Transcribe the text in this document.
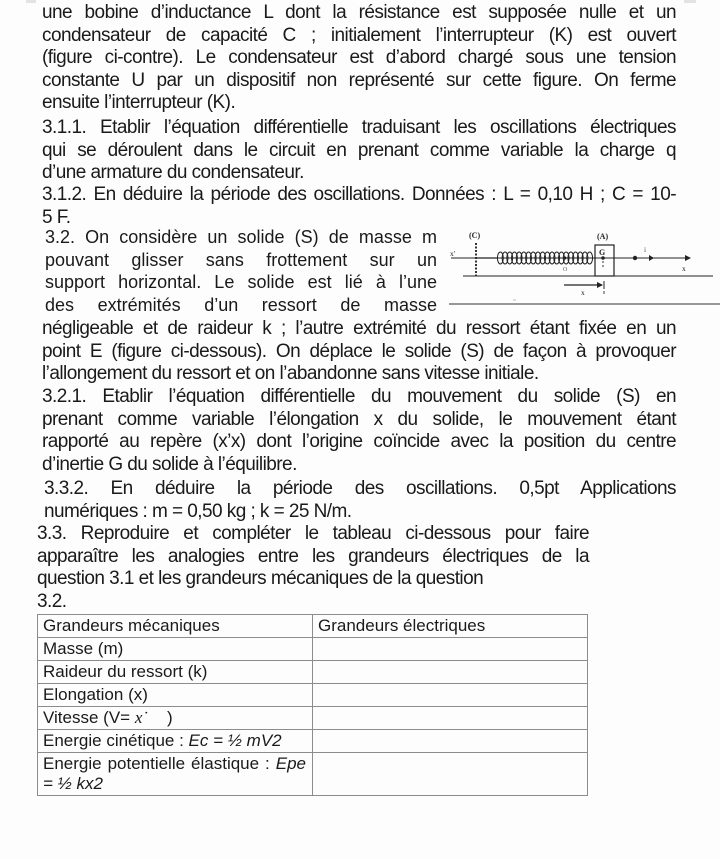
une bobine d’inductance L dont la résistance est supposée nulle et un
condensateur de capacité C ; initialement l’interrupteur (K) est ouvert
(figure ci-contre). Le condensateur est d’abord chargé sous une tension
constante U par un dispositif non représenté sur cette figure. On ferme
ensuite l’interrupteur (K).
3.1.1. Etablir l’équation différentielle traduisant les oscillations électriques
qui se déroulent dans le circuit en prenant comme variable la charge q
d’une armature du condensateur.
3.1.2. En déduire la période des oscillations. Données : L = 0,10 H ; C = 10-
5 F.
3.2. On considère un solide (S) de masse m
pouvant glisser sans frottement sur un
support horizontal. Le solide est lié à l’une
des extrémités d’un ressort de masse
(C)	(A)
G
x'
x
i
O
x
négligeable et de raideur k ; l’autre extrémité du ressort étant fixée en un
point E (figure ci-dessous). On déplace le solide (S) de façon à provoquer
l’allongement du ressort et on l’abandonne sans vitesse initiale.
3.2.1. Etablir l’équation différentielle du mouvement du solide (S) en
prenant comme variable l’élongation x du solide, le mouvement étant
rapporté au repère (x’x) dont l’origine coïncide avec la position du centre
d’inertie G du solide à l’équilibre.
3.3.2. En déduire la période des oscillations. 0,5pt Applications
numériques : m = 0,50 kg ; k = 25 N/m.
3.3. Reproduire et compléter le tableau ci-dessous pour faire
apparaître les analogies entre les grandeurs électriques de la
question 3.1 et les grandeurs mécaniques de la question
3.2.
Grandeurs mécaniques	Grandeurs électriques
Masse (m)	
Raideur du ressort (k)	
Elongation (x)	
Vitesse (V= x˙    )	
Energie cinétique : Ec = ½ mV2	
Energie potentielle élastique : Epe = ½ kx2	
